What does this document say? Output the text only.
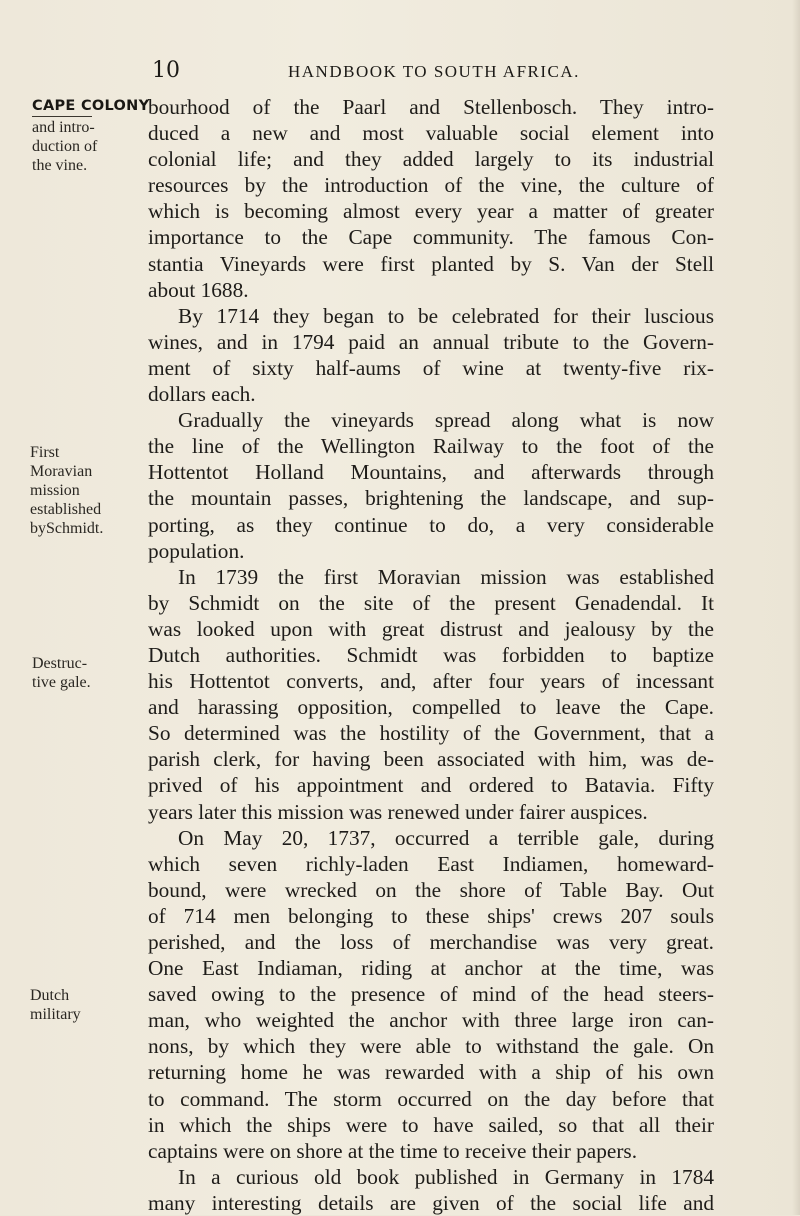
10	HANDBOOK TO SOUTH AFRICA.
CAPE COLONY
and intro-
duction of
the vine.
First
Moravian
mission
established
bySchmidt.
Destruc-
tive gale.
Dutch
military

bourhood of the Paarl and Stellenbosch. They intro-
duced a new and most valuable social element into
colonial life; and they added largely to its industrial
resources by the introduction of the vine, the culture of
which is becoming almost every year a matter of greater
importance to the Cape community. The famous Con-
stantia Vineyards were first planted by S. Van der Stell
about 1688.

By 1714 they began to be celebrated for their luscious
wines, and in 1794 paid an annual tribute to the Govern-
ment of sixty half-aums of wine at twenty-five rix-
dollars each.

Gradually the vineyards spread along what is now
the line of the Wellington Railway to the foot of the
Hottentot Holland Mountains, and afterwards through
the mountain passes, brightening the landscape, and sup-
porting, as they continue to do, a very considerable
population.

In 1739 the first Moravian mission was established
by Schmidt on the site of the present Genadendal. It
was looked upon with great distrust and jealousy by the
Dutch authorities. Schmidt was forbidden to baptize
his Hottentot converts, and, after four years of incessant
and harassing opposition, compelled to leave the Cape.
So determined was the hostility of the Government, that a
parish clerk, for having been associated with him, was de-
prived of his appointment and ordered to Batavia. Fifty
years later this mission was renewed under fairer auspices.

On May 20, 1737, occurred a terrible gale, during
which seven richly-laden East Indiamen, homeward-
bound, were wrecked on the shore of Table Bay. Out
of 714 men belonging to these ships' crews 207 souls
perished, and the loss of merchandise was very great.
One East Indiaman, riding at anchor at the time, was
saved owing to the presence of mind of the head steers-
man, who weighted the anchor with three large iron can-
nons, by which they were able to withstand the gale. On
returning home he was rewarded with a ship of his own
to command. The storm occurred on the day before that
in which the ships were to have sailed, so that all their
captains were on shore at the time to receive their papers.

In a curious old book published in Germany in 1784
many interesting details are given of the social life and
